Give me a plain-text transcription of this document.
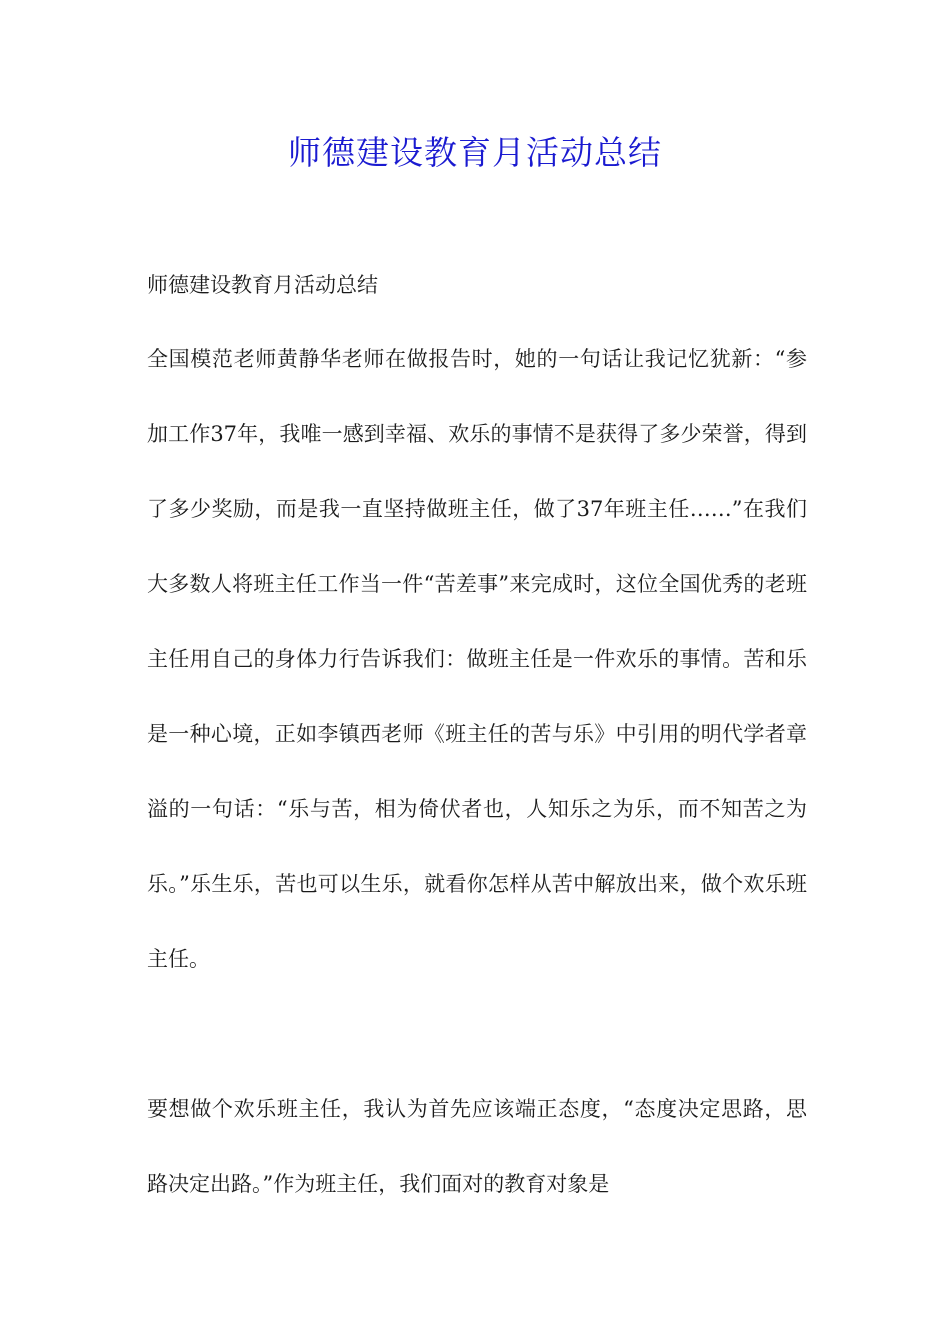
师德建设教育月活动总结

师德建设教育月活动总结

全国模范老师黄静华老师在做报告时，她的一句话让我记忆犹新：“参加工作37年，我唯一感到幸福、欢乐的事情不是获得了多少荣誉，得到了多少奖励，而是我一直坚持做班主任，做了37年班主任……”在我们大多数人将班主任工作当一件“苦差事”来完成时，这位全国优秀的老班主任用自己的身体力行告诉我们：做班主任是一件欢乐的事情。苦和乐是一种心境，正如李镇西老师《班主任的苦与乐》中引用的明代学者章溢的一句话：“乐与苦，相为倚伏者也，人知乐之为乐，而不知苦之为乐。”乐生乐，苦也可以生乐，就看你怎样从苦中解放出来，做个欢乐班主任。

要想做个欢乐班主任，我认为首先应该端正态度，“态度决定思路，思路决定出路。”作为班主任，我们面对的教育对象是
